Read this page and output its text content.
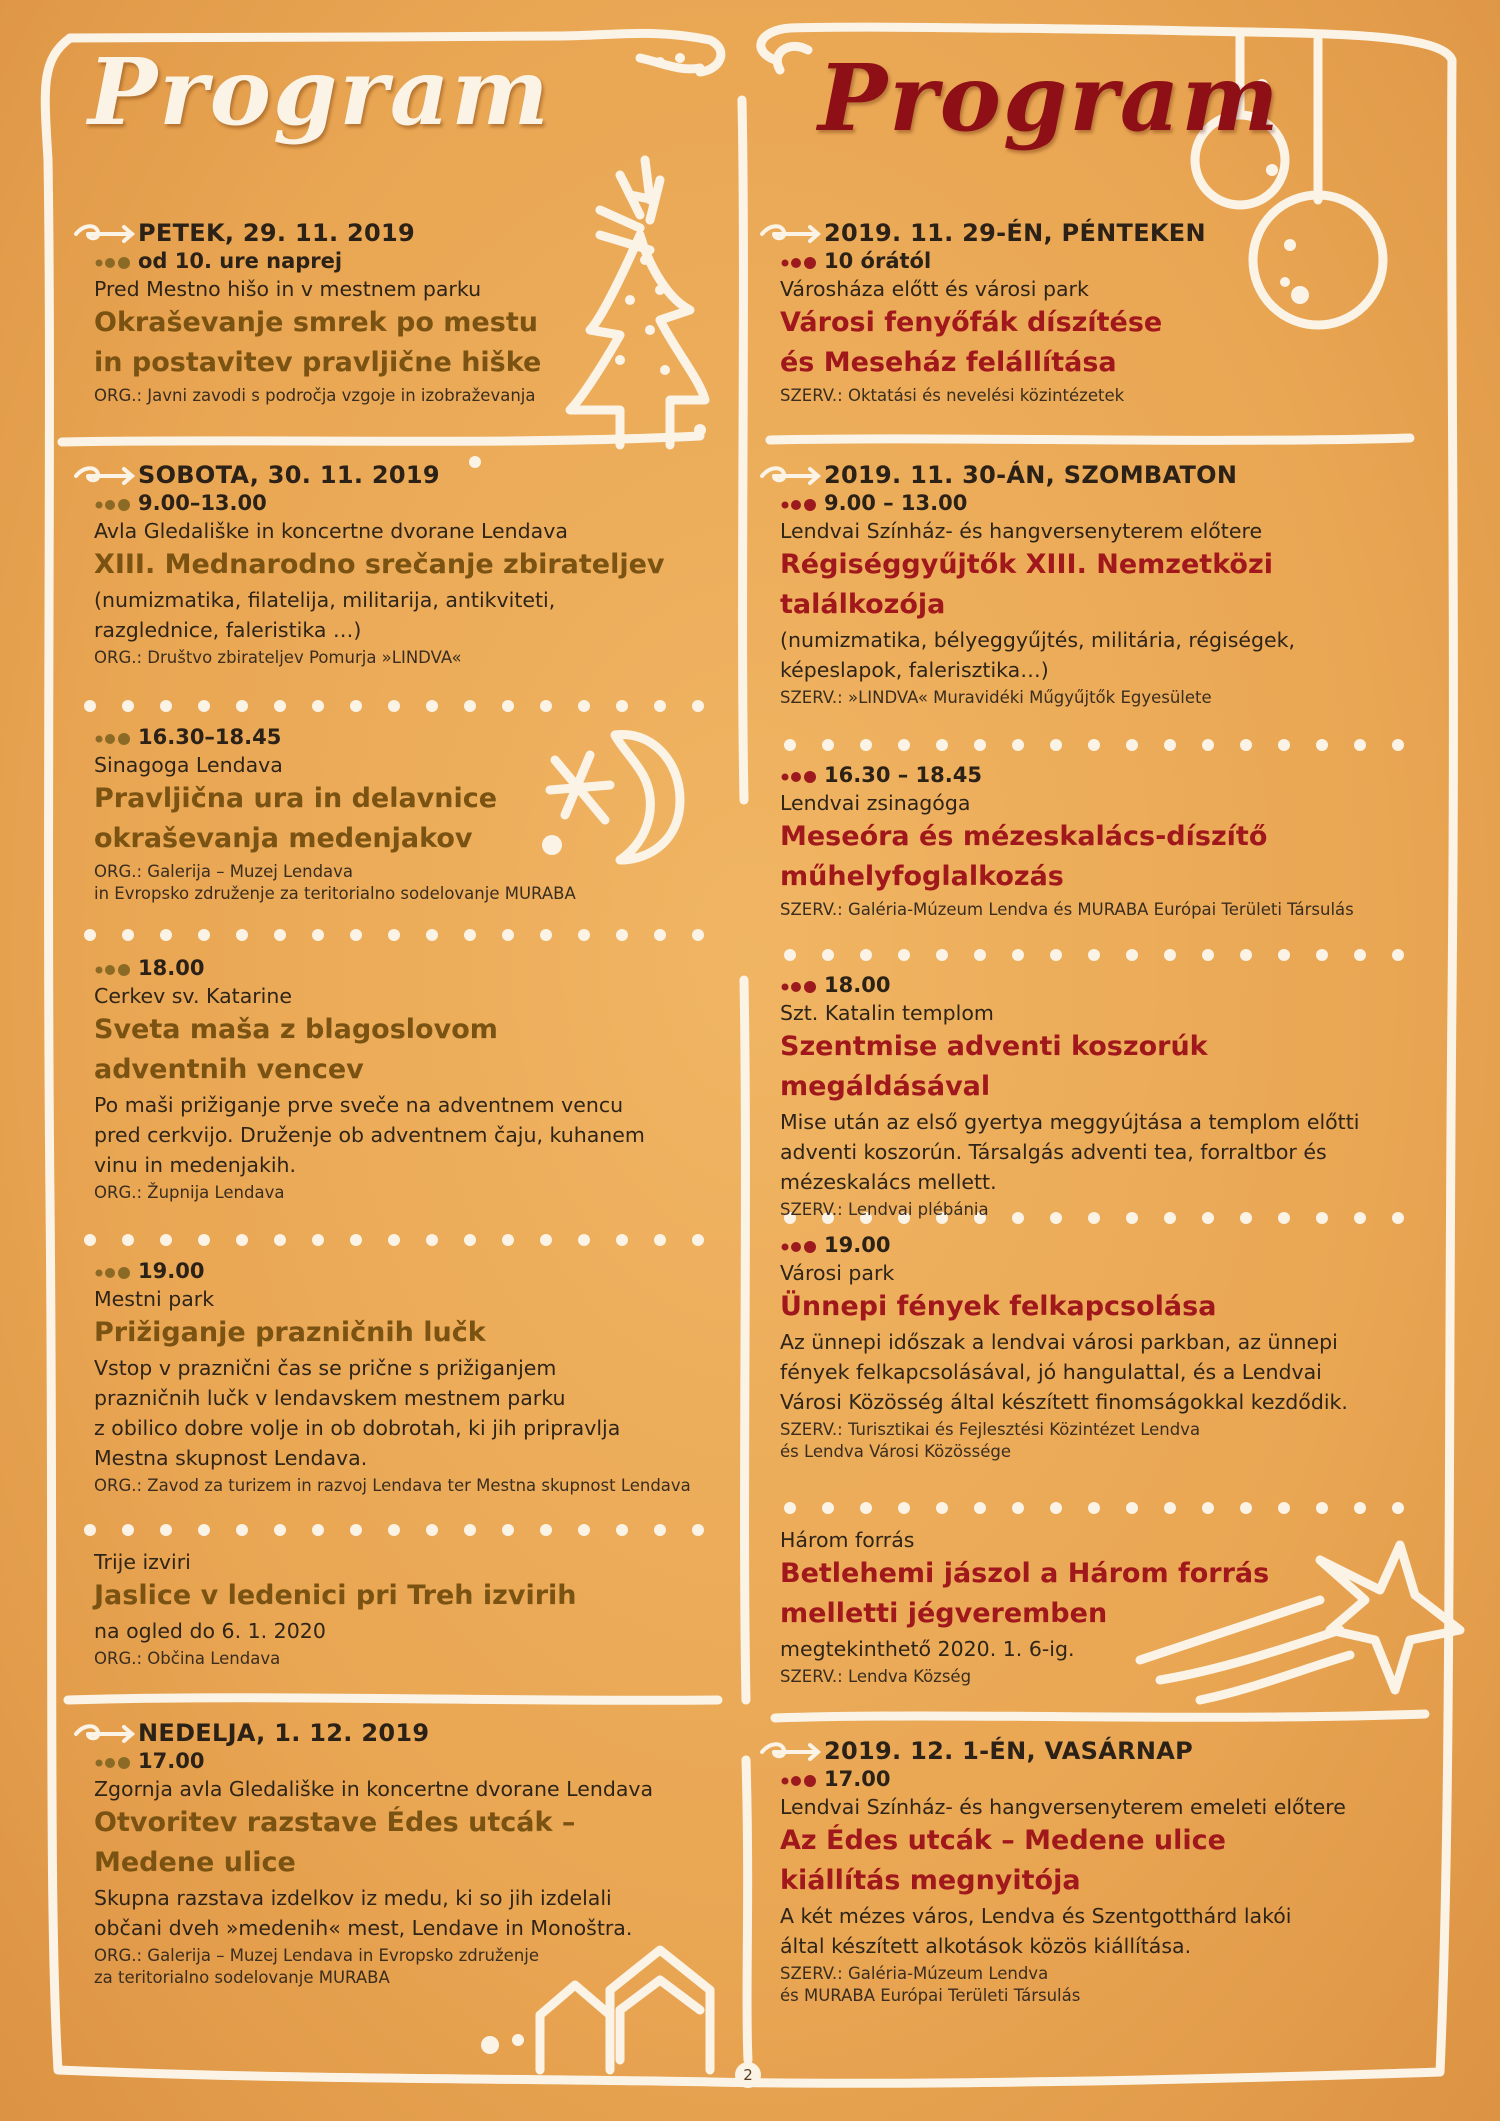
Program	Program
PETEK, 29. 11. 2019
od 10. ure naprej
Pred Mestno hišo in v mestnem parku
Okraševanje smrek po mestu
in postavitev pravljične hiške
ORG.: Javni zavodi s področja vzgoje in izobraževanja
SOBOTA, 30. 11. 2019
9.00–13.00
Avla Gledališke in koncertne dvorane Lendava
XIII. Mednarodno srečanje zbirateljev
(numizmatika, filatelija, militarija, antikviteti,
razglednice, faleristika …)
ORG.: Društvo zbirateljev Pomurja »LINDVA«
16.30–18.45
Sinagoga Lendava
Pravljična ura in delavnice
okraševanja medenjakov
ORG.: Galerija – Muzej Lendava
in Evropsko združenje za teritorialno sodelovanje MURABA
18.00
Cerkev sv. Katarine
Sveta maša z blagoslovom
adventnih vencev
Po maši prižiganje prve sveče na adventnem vencu
pred cerkvijo. Druženje ob adventnem čaju, kuhanem
vinu in medenjakih.
ORG.: Župnija Lendava
19.00
Mestni park
Prižiganje prazničnih lučk
Vstop v praznični čas se prične s prižiganjem
prazničnih lučk v lendavskem mestnem parku
z obilico dobre volje in ob dobrotah, ki jih pripravlja
Mestna skupnost Lendava.
ORG.: Zavod za turizem in razvoj Lendava ter Mestna skupnost Lendava
Trije izviri
Jaslice v ledenici pri Treh izvirih
na ogled do 6. 1. 2020
ORG.: Občina Lendava
NEDELJA, 1. 12. 2019
17.00
Zgornja avla Gledališke in koncertne dvorane Lendava
Otvoritev razstave Édes utcák –
Medene ulice
Skupna razstava izdelkov iz medu, ki so jih izdelali
občani dveh »medenih« mest, Lendave in Monoštra.
ORG.: Galerija – Muzej Lendava in Evropsko združenje
za teritorialno sodelovanje MURABA
2019. 11. 29-ÉN, PÉNTEKEN
10 órától
Városháza előtt és városi park
Városi fenyőfák díszítése
és Meseház felállítása
SZERV.: Oktatási és nevelési közintézetek
2019. 11. 30-ÁN, SZOMBATON
9.00 – 13.00
Lendvai Színház- és hangversenyterem előtere
Régiséggyűjtők XIII. Nemzetközi
találkozója
(numizmatika, bélyeggyűjtés, militária, régiségek,
képeslapok, falerisztika…)
SZERV.: »LINDVA« Muravidéki Műgyűjtők Egyesülete
16.30 – 18.45
Lendvai zsinagóga
Meseóra és mézeskalács-díszítő
műhelyfoglalkozás
SZERV.: Galéria-Múzeum Lendva és MURABA Európai Területi Társulás
18.00
Szt. Katalin templom
Szentmise adventi koszorúk megáldásával
Mise után az első gyertya meggyújtása a templom előtti
adventi koszorún. Társalgás adventi tea, forraltbor és
mézeskalács mellett.
SZERV.: Lendvai plébánia
19.00
Városi park
Ünnepi fények felkapcsolása
Az ünnepi időszak a lendvai városi parkban, az ünnepi
fények felkapcsolásával, jó hangulattal, és a Lendvai
Városi Közösség által készített finomságokkal kezdődik.
SZERV.: Turisztikai és Fejlesztési Közintézet Lendva
és Lendva Városi Közössége
Három forrás
Betlehemi jászol a Három forrás
melletti jégveremben
megtekinthető 2020. 1. 6-ig.
SZERV.: Lendva Község
2019. 12. 1-ÉN, VASÁRNAP
17.00
Lendvai Színház- és hangversenyterem emeleti előtere
Az Édes utcák – Medene ulice
kiállítás megnyitója
A két mézes város, Lendva és Szentgotthárd lakói
által készített alkotások közös kiállítása.
SZERV.: Galéria-Múzeum Lendva
és MURABA Európai Területi Társulás
2
